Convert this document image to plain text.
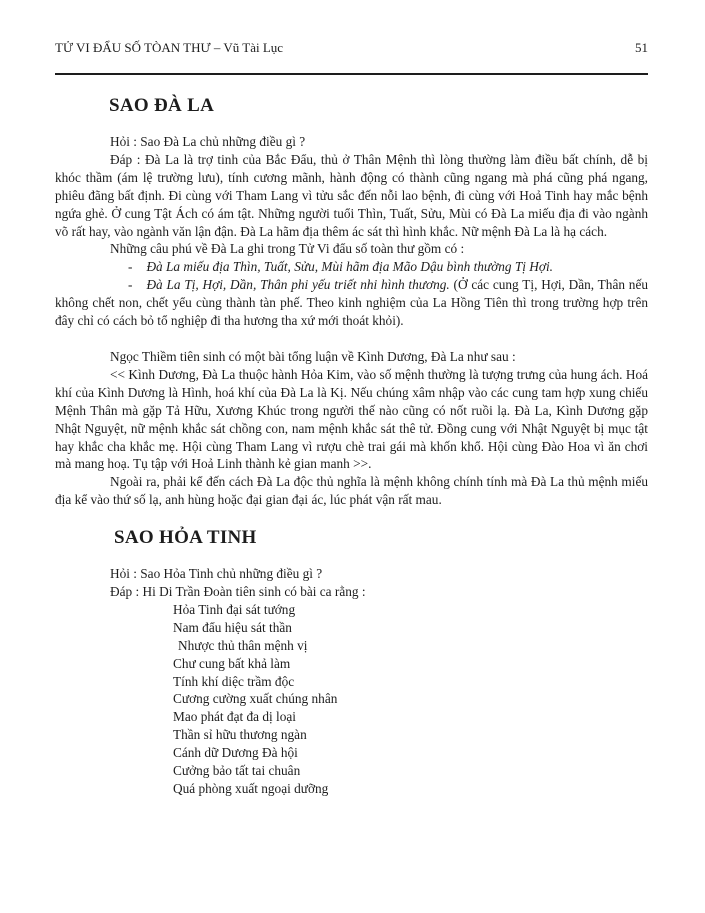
TỬ VI ĐẨU SỐ TÒAN THƯ – Vũ Tài Lục	51
SAO ĐÀ LA

Hỏi : Sao Đà La chủ những điều gì ?

Đáp : Đà La là trợ tinh của Bắc Đẩu, thủ ở Thân Mệnh thì lòng thường làm điều bất chính, dễ bị khóc thầm (ám lệ trường lưu), tính cương mãnh, hành động có thành cũng ngang mà phá cũng phá ngang, phiêu đãng bất định. Đi cùng với Tham Lang vì tửu sắc đến nỗi lao bệnh, đi cùng với Hoả Tinh hay mắc bệnh ngứa ghẻ. Ở cung Tật Ách có ám tật. Những người tuổi Thìn, Tuất, Sửu, Mùi có Đà La miếu địa đi vào ngành võ rất hay, vào ngành văn lận đận. Đà La hãm địa thêm ác sát thì hình khắc. Nữ mệnh Đà La là hạ cách.

Những câu phú về Đà La ghi trong Tử Vi đẩu số toàn thư gồm có :

- Đà La miếu địa Thìn, Tuất, Sửu, Mùi hãm địa Mão Dậu bình thường Tị Hợi.

- Đà La Tị, Hợi, Dần, Thân phi yếu triết nhi hình thương. (Ở các cung Tị, Hợi, Dần, Thân nếu không chết non, chết yểu cùng thành tàn phế. Theo kinh nghiệm của La Hồng Tiên thì trong trường hợp trên đây chỉ có cách bỏ tổ nghiệp đi tha hương tha xứ mới thoát khỏi).

Ngọc Thiềm tiên sinh có một bài tổng luận về Kình Dương, Đà La như sau :

<< Kình Dương, Đà La thuộc hành Hỏa Kim, vào số mệnh thường là tượng trưng của hung ách. Hoá khí của Kình Dương là Hình, hoá khí của Đà La là Kị. Nếu chúng xâm nhập vào các cung tam hợp xung chiếu Mệnh Thân mà gặp Tả Hữu, Xương Khúc trong người thế nào cũng có nốt ruồi lạ. Đà La, Kình Dương gặp Nhật Nguyệt, nữ mệnh khắc sát chồng con, nam mệnh khắc sát thê tử. Đồng cung với Nhật Nguyệt bị mục tật hay khắc cha khắc mẹ. Hội cùng Tham Lang vì rượu chè trai gái mà khốn khổ. Hội cùng Đào Hoa vì ăn chơi mà mang hoạ. Tụ tập với Hoả Linh thành kẻ gian manh >>.

Ngoài ra, phải kể đến cách Đà La độc thủ nghĩa là mệnh không chính tính mà Đà La thủ mệnh miếu địa kể vào thứ số lạ, anh hùng hoặc đại gian đại ác, lúc phát vận rất mau.

SAO HỎA TINH

Hỏi : Sao Hỏa Tinh chủ những điều gì ?

Đáp : Hi Di Trần Đoàn tiên sinh có bài ca rằng :

Hỏa Tinh đại sát tướng
Nam đẩu hiệu sát thần
Nhược thủ thân mệnh vị
Chư cung bất khả làm
Tính khí diệc trầm độc
Cương cường xuất chúng nhân
Mao phát đạt đa dị loại
Thần sỉ hữu thương ngàn
Cánh dữ Dương Đà hội
Cưởng bảo tất tai chuân
Quá phòng xuất ngoại dưỡng
